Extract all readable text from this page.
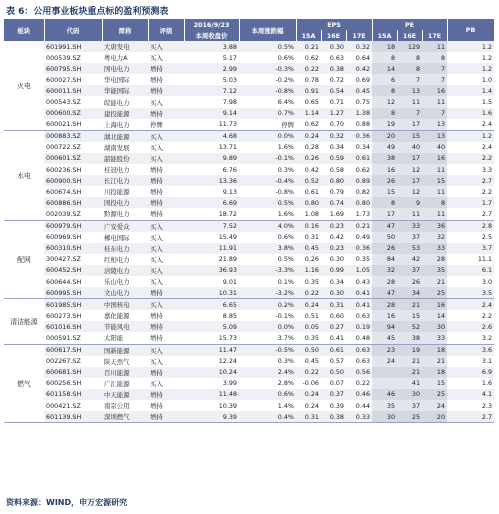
表 6：公用事业板块重点标的盈利预测表
板块	代码	简称	评级	2016/9/23	本周涨跌幅	EPS			PE			PB
				本周收盘价		15A	16E	17E	15A	16E	17E	
火电	601991.SH	大唐发电	买入	3.88	0.5%	0.21	0.30	0.32	18	129	11	1.2
	000539.SZ	粤电力A	买入	5.17	0.6%	0.62	0.63	0.64	8	8	8	1.2
	600795.SH	国电电力	增持	2.99	-0.3%	0.22	0.38	0.42	14	8	7	1.2
	600027.SH	华电国际	增持	5.03	-0.2%	0.78	0.72	0.69	6	7	7	1.0
	600011.SH	华能国际	增持	7.12	-0.8%	0.91	0.54	0.45	8	13	16	1.4
	000543.SZ	皖能电力	买入	7.98	6.4%	0.65	0.71	0.75	12	11	11	1.5
	000600.SZ	建投能源	增持	9.14	0.7%	1.14	1.27	1.38	8	7	7	1.6
	600021.SH	上海电力	停牌	11.73	停牌	0.62	0.70	0.88	19	17	13	2.4
水电	000883.SZ	湖北能源	买入	4.68	0.0%	0.24	0.32	0.36	20	15	13	1.2
	000722.SZ	湖南发展	买入	13.71	1.6%	0.28	0.34	0.34	49	40	40	2.4
	000601.SZ	韶能股份	买入	9.89	-0.1%	0.26	0.59	0.61	38	17	16	2.2
	600236.SH	桂冠电力	增持	6.76	0.3%	0.42	0.58	0.62	16	12	11	3.3
	600900.SH	长江电力	增持	13.36	-0.4%	0.52	0.80	0.89	26	17	15	2.7
	600674.SH	川投能源	增持	9.13	-0.8%	0.61	0.79	0.82	15	12	11	2.2
	600886.SH	国投电力	增持	6.69	0.5%	0.80	0.74	0.80	8	9	8	1.7
	002039.SZ	黔源电力	增持	18.72	1.6%	1.08	1.69	1.73	17	11	11	2.7
配网	600979.SH	广安爱众	买入	7.52	4.0%	0.16	0.23	0.21	47	33	36	2.8
	600969.SH	郴电国际	买入	15.49	0.6%	0.31	0.42	0.49	50	37	32	2.5
	600310.SH	桂东电力	买入	11.91	3.8%	0.45	0.23	0.36	26	53	33	3.7
	300427.SZ	红相电力	买入	21.89	0.5%	0.26	0.30	0.35	84	42	28	11.1
	600452.SH	涪陵电力	买入	36.93	-3.3%	1.16	0.99	1.05	32	37	35	6.1
	600644.SH	乐山电力	买入	9.01	0.1%	0.35	0.34	0.43	28	26	21	3.0
	600995.SH	文山电力	增持	10.31	-3.2%	0.22	0.30	0.41	47	34	25	3.5
清洁能源	601985.SH	中国核电	买入	6.65	0.2%	0.24	0.31	0.41	28	21	16	2.4
	600273.SH	嘉化能源	增持	8.85	-0.1%	0.51	0.60	0.63	16	15	14	2.2
	601016.SH	节能风电	增持	5.09	0.0%	0.05	0.27	0.19	94	52	30	2.6
	000591.SZ	太阳能	增持	15.73	3.7%	0.35	0.41	0.48	45	38	33	3.2
燃气	600617.SH	国新能源	买入	11.47	-0.5%	0.50	0.61	0.63	23	19	18	3.6
	002267.SZ	陕天然气	买入	12.24	0.3%	0.45	0.57	0.63	24	21	21	3.1
	600681.SH	百川能源	增持	10.24	2.4%	0.22	0.50	0.56		21	18	6.9
	600256.SH	广汇能源	买入	3.99	2.8%	-0.06	0.07	0.22		41	15	1.6
	601158.SH	中天能源	增持	11.48	0.6%	0.24	0.37	0.46	46	30	25	4.1
	000421.SZ	南京公用	增持	10.39	1.4%	0.24	0.39	0.44	35	37	24	2.3
	601139.SH	深圳燃气	增持	9.39	0.4%	0.31	0.38	0.33	30	25	20	2.7
资料来源：WIND，申万宏源研究
